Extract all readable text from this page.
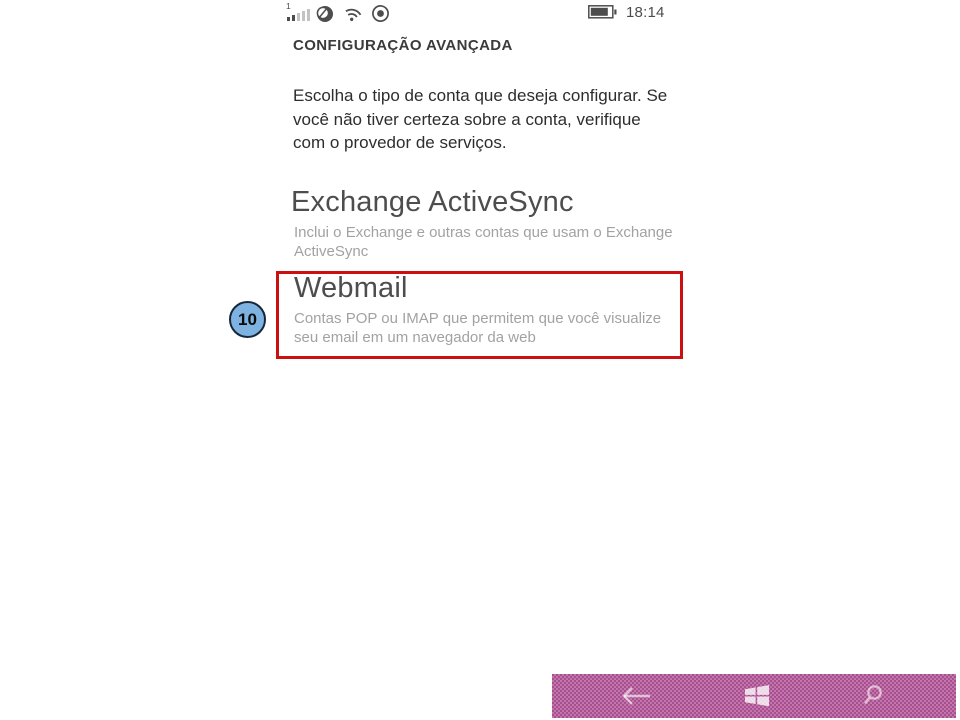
1	18:14
CONFIGURAÇÃO AVANÇADA
Escolha o tipo de conta que deseja configurar. Se
você não tiver certeza sobre a conta, verifique
com o provedor de serviços.
Exchange ActiveSync
Inclui o Exchange e outras contas que usam o Exchange
ActiveSync
Webmail
Contas POP ou IMAP que permitem que você visualize
seu email em um navegador da web
10
